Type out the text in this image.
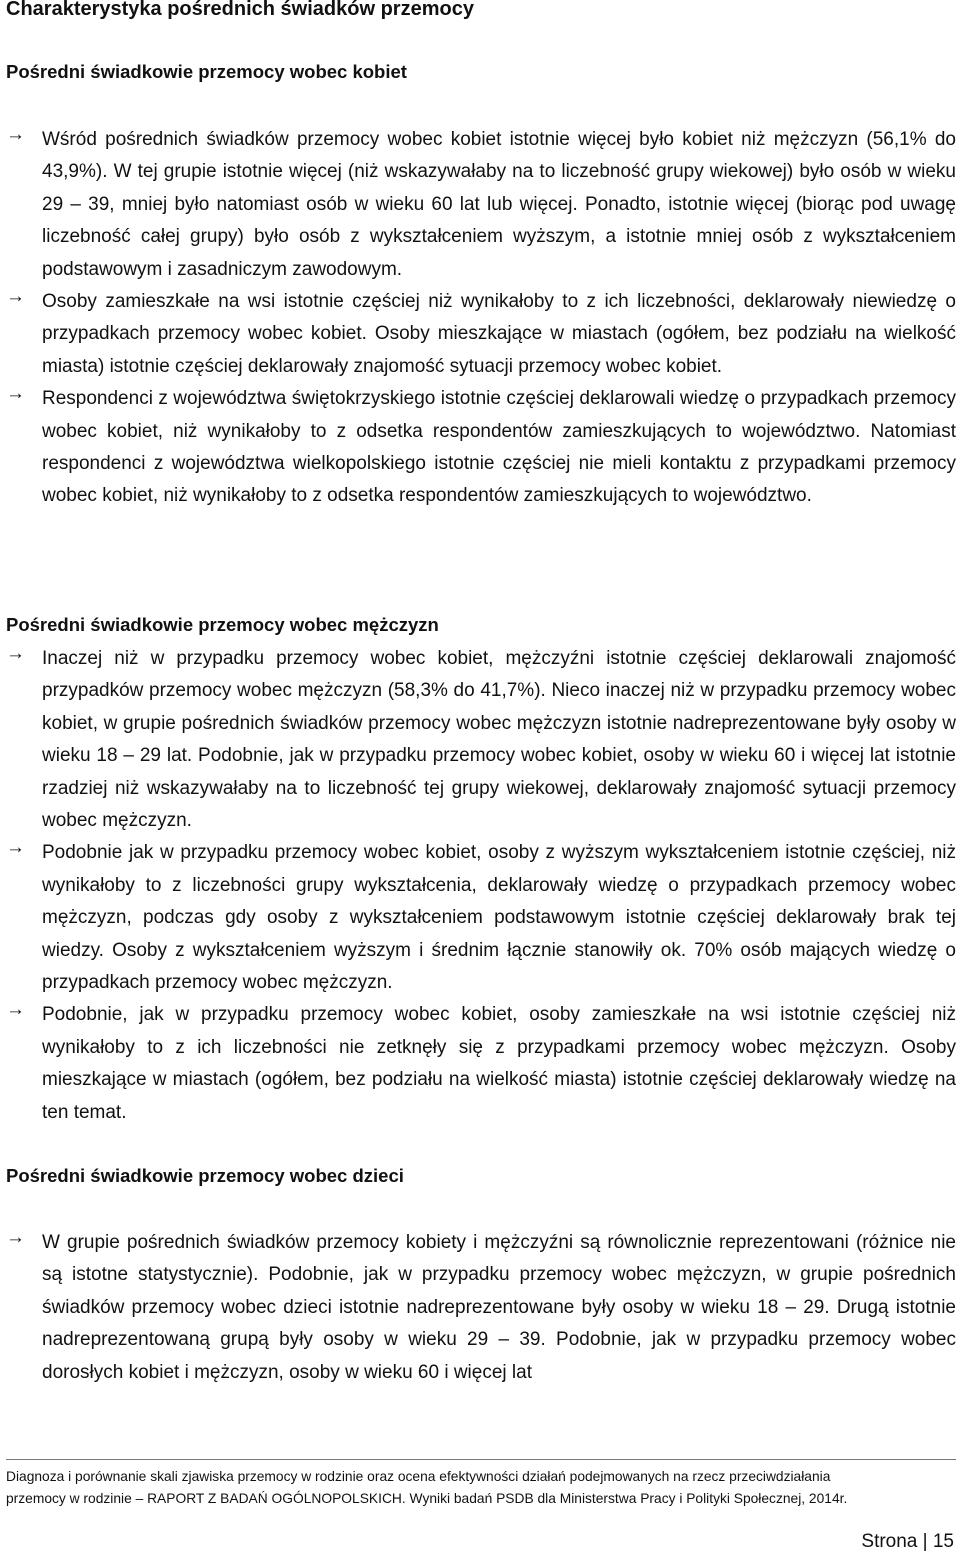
Charakterystyka pośrednich świadków przemocy
Pośredni świadkowie przemocy wobec kobiet
→ Wśród pośrednich świadków przemocy wobec kobiet istotnie więcej było kobiet niż mężczyzn (56,1% do 43,9%). W tej grupie istotnie więcej (niż wskazywałaby na to liczebność grupy wiekowej) było osób w wieku 29 – 39, mniej było natomiast osób w wieku 60 lat lub więcej. Ponadto, istotnie więcej (biorąc pod uwagę liczebność całej grupy) było osób z wykształceniem wyższym, a istotnie mniej osób z wykształceniem podstawowym i zasadniczym zawodowym.
→ Osoby zamieszkałe na wsi istotnie częściej niż wynikałoby to z ich liczebności, deklarowały niewiedzę o przypadkach przemocy wobec kobiet. Osoby mieszkające w miastach (ogółem, bez podziału na wielkość miasta) istotnie częściej deklarowały znajomość sytuacji przemocy wobec kobiet.
→ Respondenci z województwa świętokrzyskiego istotnie częściej deklarowali wiedzę o przypadkach przemocy wobec kobiet, niż wynikałoby to z odsetka respondentów zamieszkujących to województwo. Natomiast respondenci z województwa wielkopolskiego istotnie częściej nie mieli kontaktu z przypadkami przemocy wobec kobiet, niż wynikałoby to z odsetka respondentów zamieszkujących to województwo.
Pośredni świadkowie przemocy wobec mężczyzn
→ Inaczej niż w przypadku przemocy wobec kobiet, mężczyźni istotnie częściej deklarowali znajomość przypadków przemocy wobec mężczyzn (58,3% do 41,7%). Nieco inaczej niż w przypadku przemocy wobec kobiet, w grupie pośrednich świadków przemocy wobec mężczyzn istotnie nadreprezentowane były osoby w wieku 18 – 29 lat. Podobnie, jak w przypadku przemocy wobec kobiet, osoby w wieku 60 i więcej lat istotnie rzadziej niż wskazywałaby na to liczebność tej grupy wiekowej, deklarowały znajomość sytuacji przemocy wobec mężczyzn.
→ Podobnie jak w przypadku przemocy wobec kobiet, osoby z wyższym wykształceniem istotnie częściej, niż wynikałoby to z liczebności grupy wykształcenia, deklarowały wiedzę o przypadkach przemocy wobec mężczyzn, podczas gdy osoby z wykształceniem podstawowym istotnie częściej deklarowały brak tej wiedzy. Osoby z wykształceniem wyższym i średnim łącznie stanowiły ok. 70% osób mających wiedzę o przypadkach przemocy wobec mężczyzn.
→ Podobnie, jak w przypadku przemocy wobec kobiet, osoby zamieszkałe na wsi istotnie częściej niż wynikałoby to z ich liczebności nie zetknęły się z przypadkami przemocy wobec mężczyzn. Osoby mieszkające w miastach (ogółem, bez podziału na wielkość miasta) istotnie częściej deklarowały wiedzę na ten temat.
Pośredni świadkowie przemocy wobec dzieci
→ W grupie pośrednich świadków przemocy kobiety i mężczyźni są równolicznie reprezentowani (różnice nie są istotne statystycznie). Podobnie, jak w przypadku przemocy wobec mężczyzn, w grupie pośrednich świadków przemocy wobec dzieci istotnie nadreprezentowane były osoby w wieku 18 – 29. Drugą istotnie nadreprezentowaną grupą były osoby w wieku 29 – 39. Podobnie, jak w przypadku przemocy wobec dorosłych kobiet i mężczyzn, osoby w wieku 60 i więcej lat
Diagnoza i porównanie skali zjawiska przemocy w rodzinie oraz ocena efektywności działań podejmowanych na rzecz przeciwdziałania
przemocy w rodzinie – RAPORT Z BADAŃ OGÓLNOPOLSKICH. Wyniki badań PSDB dla Ministerstwa Pracy i Polityki Społecznej, 2014r.
Strona | 15
